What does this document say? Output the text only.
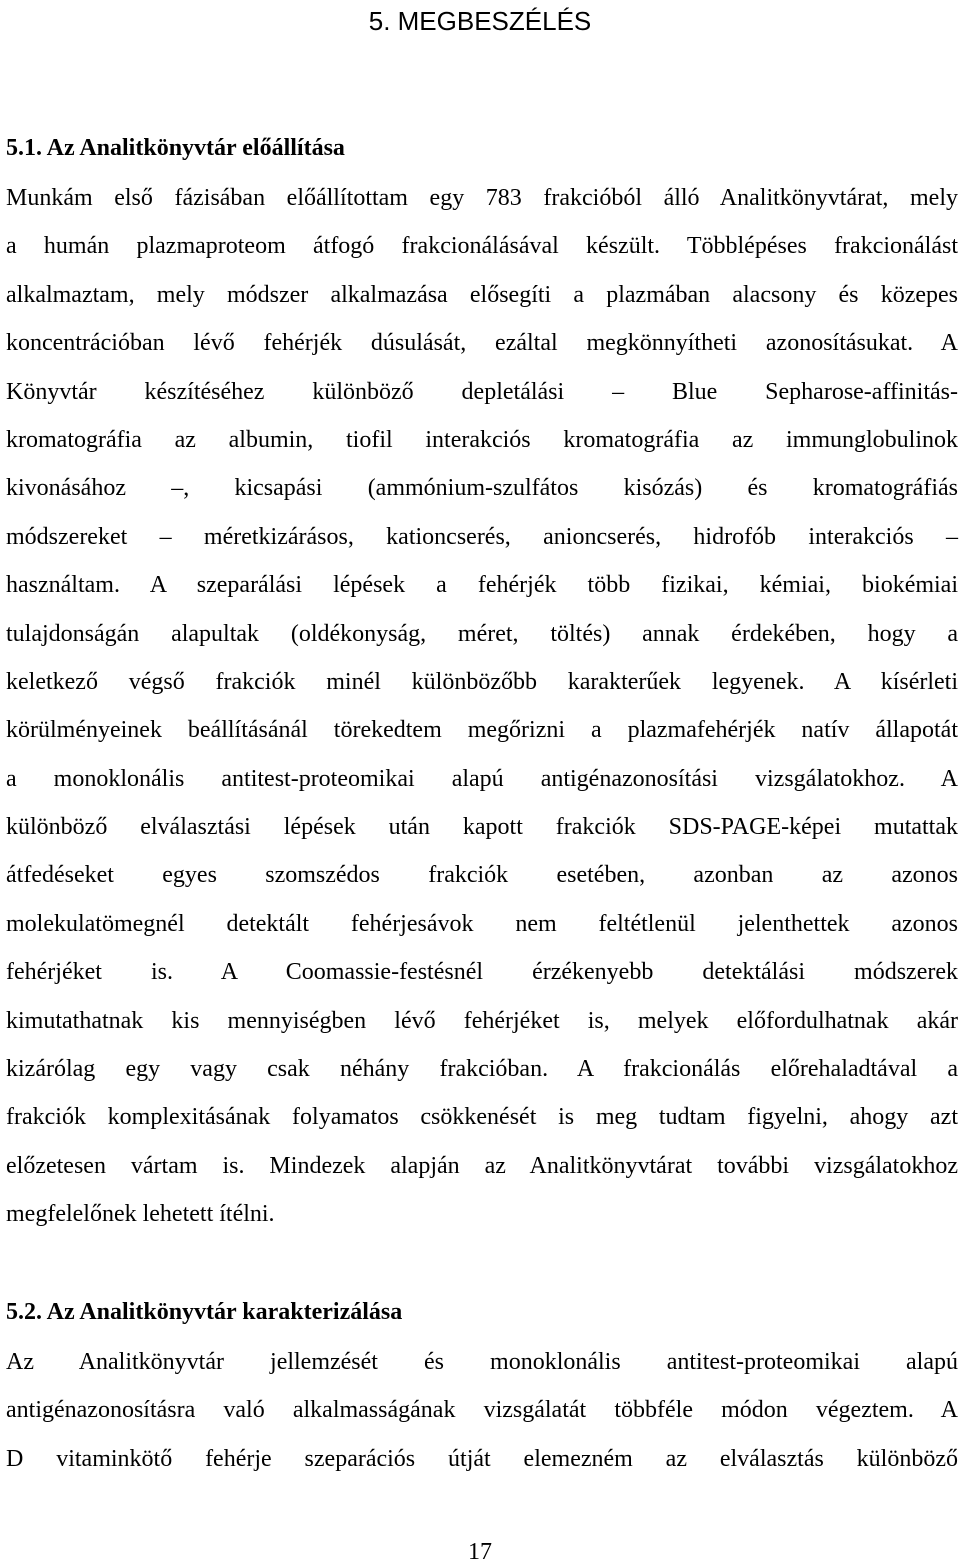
5. MEGBESZÉLÉS
5.1. Az Analitkönyvtár előállítása
Munkám első fázisában előállítottam egy 783 frakcióból álló Analitkönyvtárat, mely
a humán plazmaproteom átfogó frakcionálásával készült. Többlépéses frakcionálást
alkalmaztam, mely módszer alkalmazása elősegíti a plazmában alacsony és közepes
koncentrációban lévő fehérjék dúsulását, ezáltal megkönnyítheti azonosításukat. A
Könyvtár készítéséhez különböző depletálási – Blue Sepharose-affinitás-
kromatográfia az albumin, tiofil interakciós kromatográfia az immunglobulinok
kivonásához –, kicsapási (ammónium-szulfátos kisózás) és kromatográfiás
módszereket – méretkizárásos, kationcserés, anioncserés, hidrofób interakciós –
használtam. A szeparálási lépések a fehérjék több fizikai, kémiai, biokémiai
tulajdonságán alapultak (oldékonyság, méret, töltés) annak érdekében, hogy a
keletkező végső frakciók minél különbözőbb karakterűek legyenek. A kísérleti
körülményeinek beállításánál törekedtem megőrizni a plazmafehérjék natív állapotát
a monoklonális antitest-proteomikai alapú antigénazonosítási vizsgálatokhoz. A
különböző elválasztási lépések után kapott frakciók SDS-PAGE-képei mutattak
átfedéseket egyes szomszédos frakciók esetében, azonban az azonos
molekulatömegnél detektált fehérjesávok nem feltétlenül jelenthettek azonos
fehérjéket is. A Coomassie-festésnél érzékenyebb detektálási módszerek
kimutathatnak kis mennyiségben lévő fehérjéket is, melyek előfordulhatnak akár
kizárólag egy vagy csak néhány frakcióban. A frakcionálás előrehaladtával a
frakciók komplexitásának folyamatos csökkenését is meg tudtam figyelni, ahogy azt
előzetesen vártam is. Mindezek alapján az Analitkönyvtárat további vizsgálatokhoz
megfelelőnek lehetett ítélni.
5.2. Az Analitkönyvtár karakterizálása
Az Analitkönyvtár jellemzését és monoklonális antitest-proteomikai alapú
antigénazonosításra való alkalmasságának vizsgálatát többféle módon végeztem. A
D vitaminkötő fehérje szeparációs útját elemezném az elválasztás különböző
17
